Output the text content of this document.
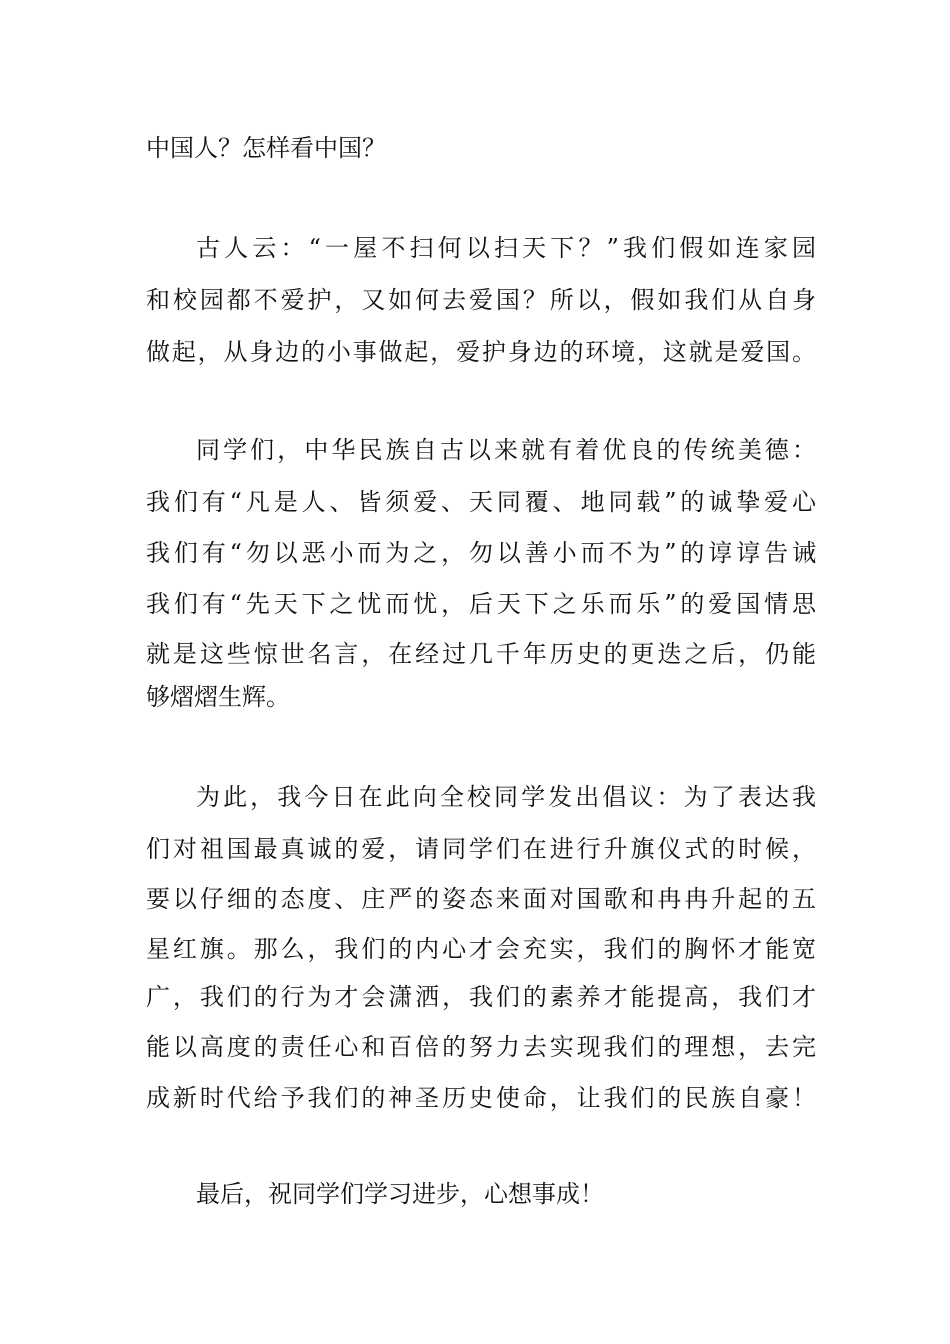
中国人？怎样看中国？
古人云：“一屋不扫何以扫天下？”我们假如连家园
和校园都不爱护，又如何去爱国？所以，假如我们从自身
做起，从身边的小事做起，爱护身边的环境，这就是爱国。
同学们，中华民族自古以来就有着优良的传统美德：
我们有“凡是人、皆须爱、天同覆、地同载”的诚挚爱心
我们有“勿以恶小而为之，勿以善小而不为”的谆谆告诫
我们有“先天下之忧而忧，后天下之乐而乐”的爱国情思
就是这些惊世名言，在经过几千年历史的更迭之后，仍能
够熠熠生辉。
为此，我今日在此向全校同学发出倡议：为了表达我
们对祖国最真诚的爱，请同学们在进行升旗仪式的时候，
要以仔细的态度、庄严的姿态来面对国歌和冉冉升起的五
星红旗。那么，我们的内心才会充实，我们的胸怀才能宽
广，我们的行为才会潇洒，我们的素养才能提高，我们才
能以高度的责任心和百倍的努力去实现我们的理想，去完
成新时代给予我们的神圣历史使命，让我们的民族自豪！
最后，祝同学们学习进步，心想事成！
